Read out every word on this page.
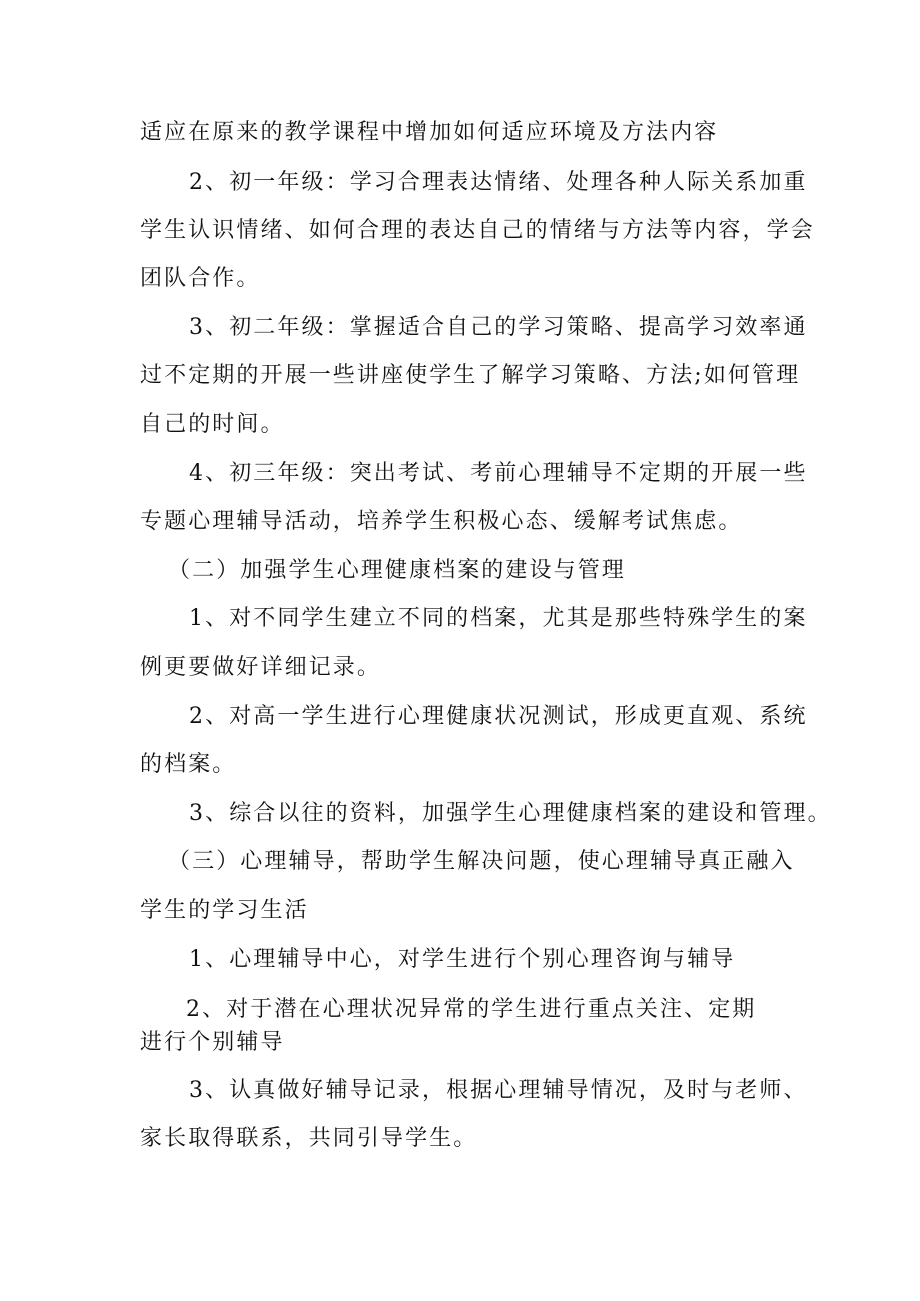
适应在原来的教学课程中增加如何适应环境及方法内容
2、初一年级：学习合理表达情绪、处理各种人际关系加重
学生认识情绪、如何合理的表达自己的情绪与方法等内容，学会
团队合作。
3、初二年级：掌握适合自己的学习策略、提高学习效率通
过不定期的开展一些讲座使学生了解学习策略、方法;如何管理
自己的时间。
4、初三年级：突出考试、考前心理辅导不定期的开展一些
专题心理辅导活动，培养学生积极心态、缓解考试焦虑。
（二）加强学生心理健康档案的建设与管理
1、对不同学生建立不同的档案，尤其是那些特殊学生的案
例更要做好详细记录。
2、对高一学生进行心理健康状况测试，形成更直观、系统
的档案。
3、综合以往的资料，加强学生心理健康档案的建设和管理。
（三）心理辅导，帮助学生解决问题，使心理辅导真正融入
学生的学习生活
1、心理辅导中心，对学生进行个别心理咨询与辅导
2、对于潜在心理状况异常的学生进行重点关注、定期
进行个别辅导
3、认真做好辅导记录，根据心理辅导情况，及时与老师、
家长取得联系，共同引导学生。
